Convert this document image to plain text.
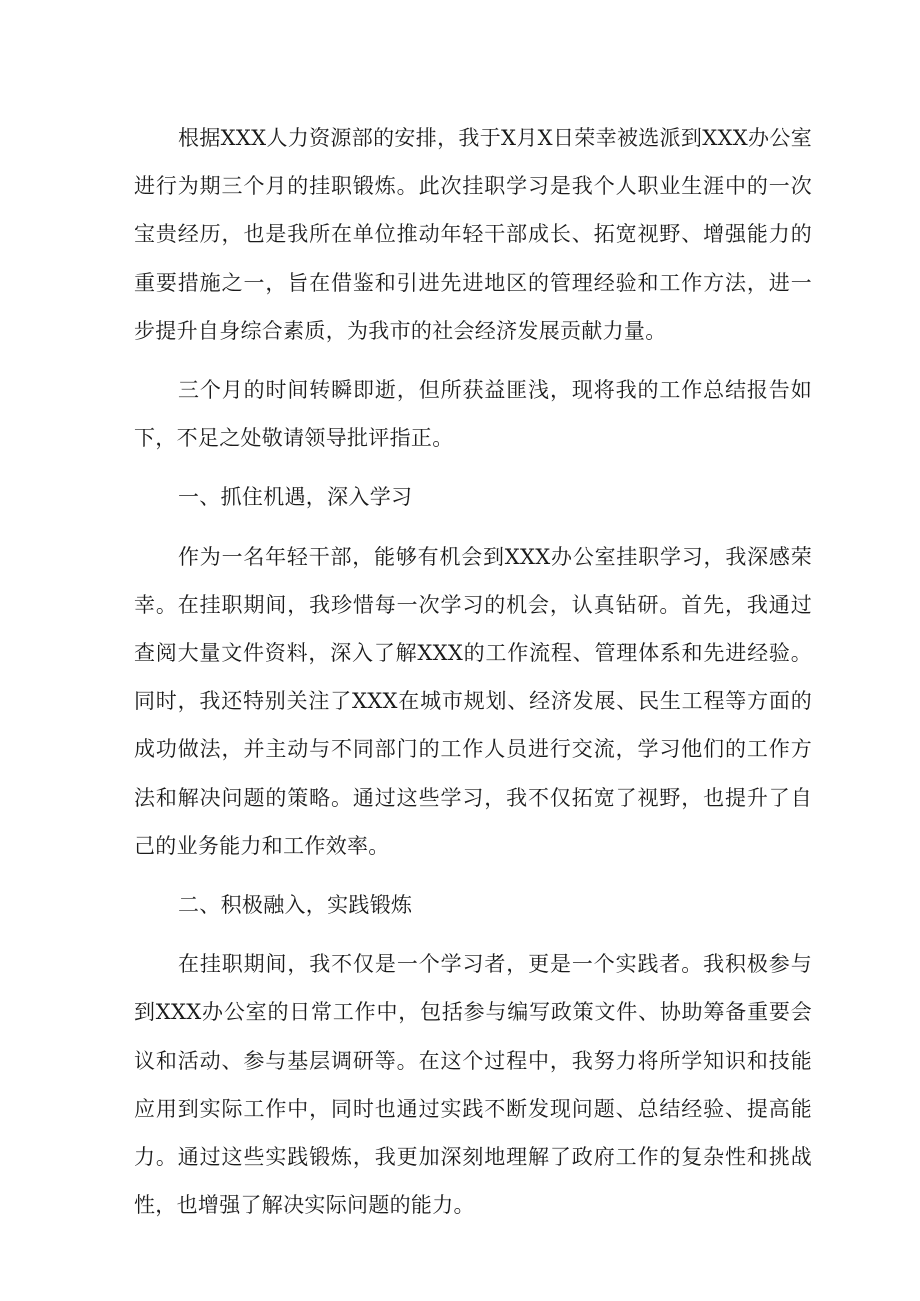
根据XXX人力资源部的安排，我于X月X日荣幸被选派到XXX办公室进行为期三个月的挂职锻炼。此次挂职学习是我个人职业生涯中的一次宝贵经历，也是我所在单位推动年轻干部成长、拓宽视野、增强能力的重要措施之一，旨在借鉴和引进先进地区的管理经验和工作方法，进一步提升自身综合素质，为我市的社会经济发展贡献力量。

三个月的时间转瞬即逝，但所获益匪浅，现将我的工作总结报告如下，不足之处敬请领导批评指正。

一、抓住机遇，深入学习

作为一名年轻干部，能够有机会到XXX办公室挂职学习，我深感荣幸。在挂职期间，我珍惜每一次学习的机会，认真钻研。首先，我通过查阅大量文件资料，深入了解XXX的工作流程、管理体系和先进经验。同时，我还特别关注了XXX在城市规划、经济发展、民生工程等方面的成功做法，并主动与不同部门的工作人员进行交流，学习他们的工作方法和解决问题的策略。通过这些学习，我不仅拓宽了视野，也提升了自己的业务能力和工作效率。

二、积极融入，实践锻炼

在挂职期间，我不仅是一个学习者，更是一个实践者。我积极参与到XXX办公室的日常工作中，包括参与编写政策文件、协助筹备重要会议和活动、参与基层调研等。在这个过程中，我努力将所学知识和技能应用到实际工作中，同时也通过实践不断发现问题、总结经验、提高能力。通过这些实践锻炼，我更加深刻地理解了政府工作的复杂性和挑战性，也增强了解决实际问题的能力。
